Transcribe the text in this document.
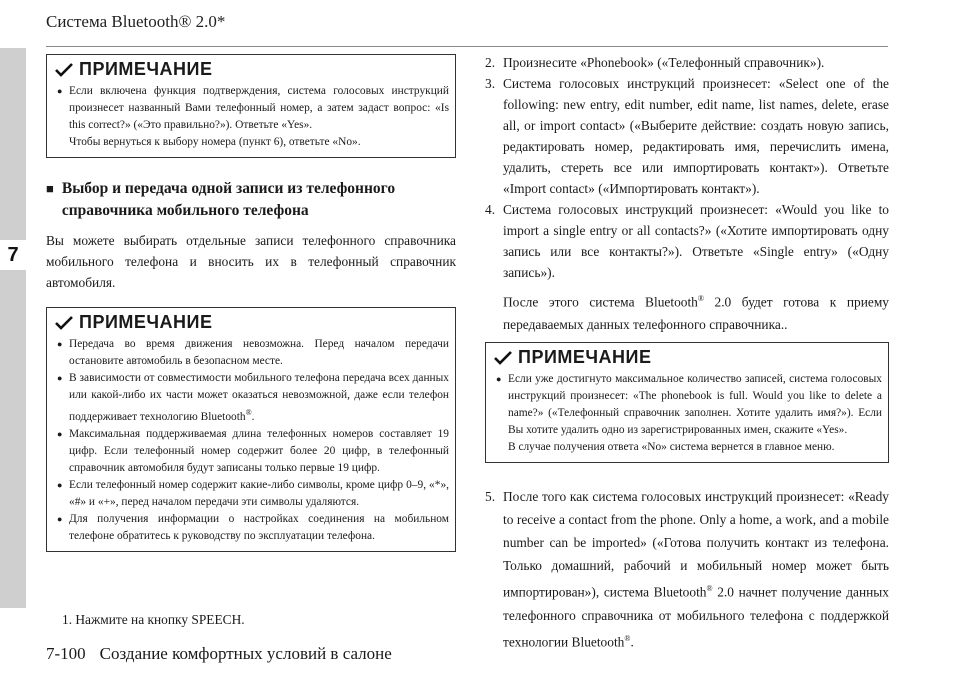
Система Bluetooth® 2.0*
7
ПРИМЕЧАНИЕ
● Если включена функция подтверждения, система голосовых инструкций произнесет названный Вами телефонный номер, а затем задаст вопрос: «Is this correct?» («Это правильно?»). Ответьте «Yes».
Чтобы вернуться к выбору номера (пункт 6), ответьте «No».
■ Выбор и передача одной записи из телефонного
справочника мобильного телефона
Вы можете выбирать отдельные записи телефонного справочника мобильного телефона и вносить их в телефонный справочник автомобиля.
ПРИМЕЧАНИЕ
● Передача во время движения невозможна. Перед началом передачи остановите автомобиль в безопасном месте.
● В зависимости от совместимости мобильного телефона передача всех данных или какой-либо их части может оказаться невозможной, даже если телефон поддерживает технологию Bluetooth®.
● Максимальная поддерживаемая длина телефонных номеров составляет 19 цифр. Если телефонный номер содержит более 20 цифр, в телефонный справочник автомобиля будут записаны только первые 19 цифр.
● Если телефонный номер содержит какие-либо символы, кроме цифр 0–9, «*», «#» и «+», перед началом передачи эти символы удаляются.
● Для получения информации о настройках соединения на мобильном телефоне обратитесь к руководству по эксплуатации телефона.
1. Нажмите на кнопку SPEECH.
2. Произнесите «Phonebook» («Телефонный справочник»).
3. Система голосовых инструкций произнесет: «Select one of the following: new entry, edit number, edit name, list names, delete, erase all, or import contact» («Выберите действие: создать новую запись, редактировать номер, редактировать имя, перечислить имена, удалить, стереть все или импортировать контакт»). Ответьте «Import contact» («Импортировать контакт»).
4. Система голосовых инструкций произнесет: «Would you like to import a single entry or all contacts?» («Хотите импортировать одну запись или все контакты?»). Ответьте «Single entry» («Одну запись»).
После этого система Bluetooth® 2.0 будет готова к приему передаваемых данных телефонного справочника..
ПРИМЕЧАНИЕ
● Если уже достигнуто максимальное количество записей, система голосовых инструкций произнесет: «The phonebook is full. Would you like to delete a name?» («Телефонный справочник заполнен. Хотите удалить имя?»). Если Вы хотите удалить одно из зарегистрированных имен, скажите «Yes».
В случае получения ответа «No» система вернется в главное меню.
5. После того как система голосовых инструкций произнесет: «Ready to receive a contact from the phone. Only a home, a work, and a mobile number can be imported» («Готова получить контакт из телефона. Только домашний, рабочий и мобильный номер может быть импортирован»), система Bluetooth® 2.0 начнет получение данных телефонного справочника от мобильного телефона с поддержкой технологии Bluetooth®.
7-100 Создание комфортных условий в салоне
